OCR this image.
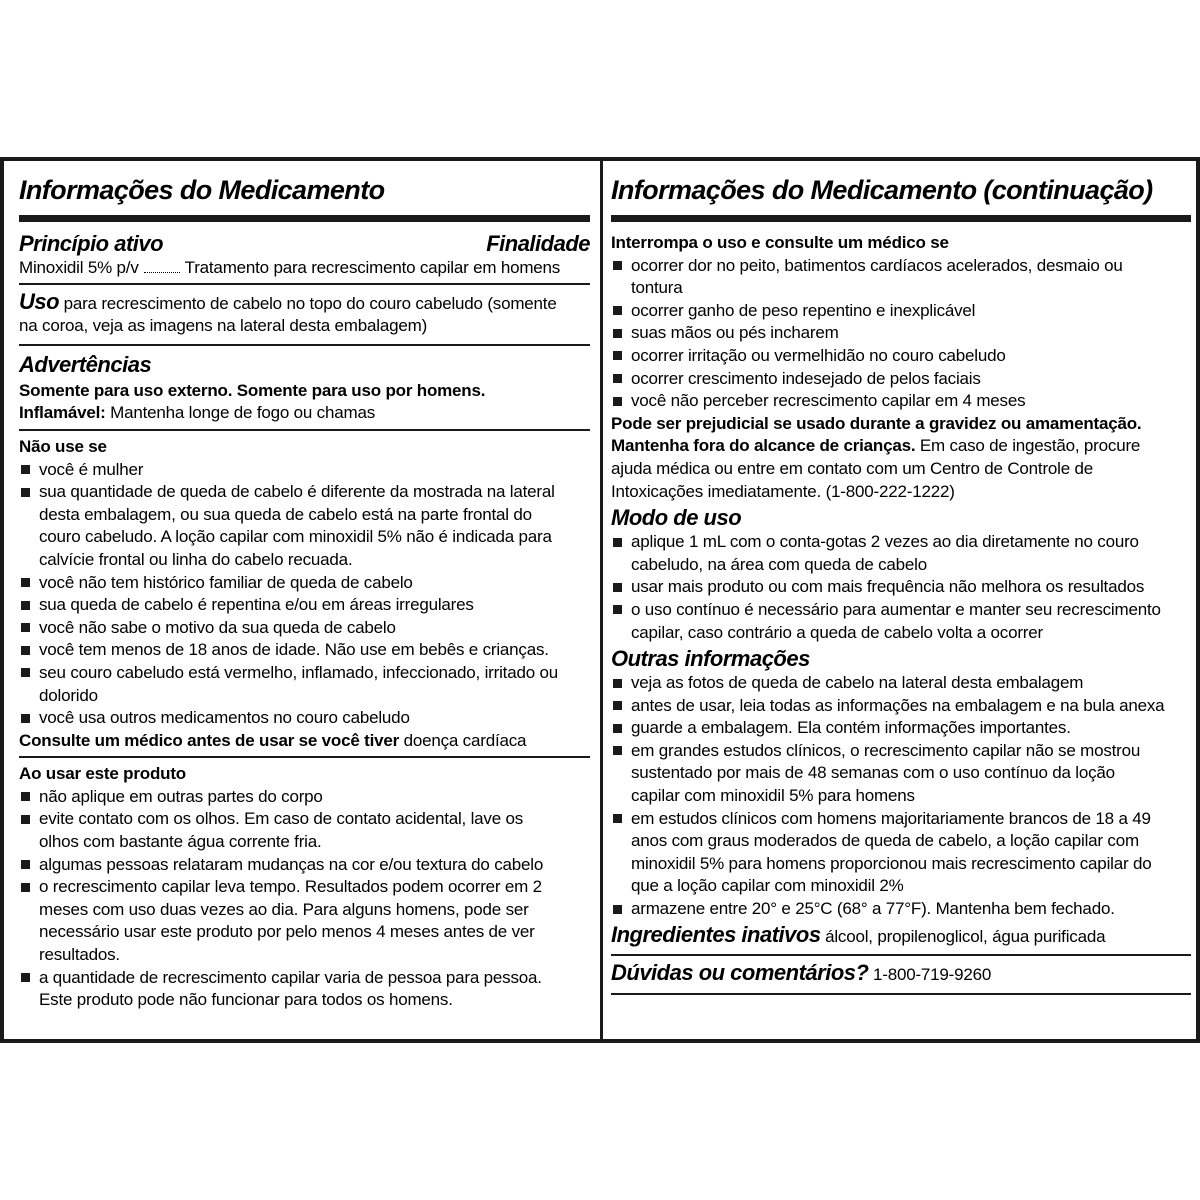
Informações do Medicamento
Princípio ativo	Finalidade
Minoxidil 5% p/v	Tratamento para recrescimento capilar em homens
Uso para recrescimento de cabelo no topo do couro cabeludo (somente
na coroa, veja as imagens na lateral desta embalagem)
Advertências
Somente para uso externo. Somente para uso por homens.
Inflamável: Mantenha longe de fogo ou chamas
Não use se
você é mulher
sua quantidade de queda de cabelo é diferente da mostrada na lateral
desta embalagem, ou sua queda de cabelo está na parte frontal do
couro cabeludo. A loção capilar com minoxidil 5% não é indicada para
calvície frontal ou linha do cabelo recuada.
você não tem histórico familiar de queda de cabelo
sua queda de cabelo é repentina e/ou em áreas irregulares
você não sabe o motivo da sua queda de cabelo
você tem menos de 18 anos de idade. Não use em bebês e crianças.
seu couro cabeludo está vermelho, inflamado, infeccionado, irritado ou
dolorido
você usa outros medicamentos no couro cabeludo
Consulte um médico antes de usar se você tiver doença cardíaca
Ao usar este produto
não aplique em outras partes do corpo
evite contato com os olhos. Em caso de contato acidental, lave os
olhos com bastante água corrente fria.
algumas pessoas relataram mudanças na cor e/ou textura do cabelo
o recrescimento capilar leva tempo. Resultados podem ocorrer em 2
meses com uso duas vezes ao dia. Para alguns homens, pode ser
necessário usar este produto por pelo menos 4 meses antes de ver
resultados.
a quantidade de recrescimento capilar varia de pessoa para pessoa.
Este produto pode não funcionar para todos os homens.
Informações do Medicamento (continuação)
Interrompa o uso e consulte um médico se
ocorrer dor no peito, batimentos cardíacos acelerados, desmaio ou
tontura
ocorrer ganho de peso repentino e inexplicável
suas mãos ou pés incharem
ocorrer irritação ou vermelhidão no couro cabeludo
ocorrer crescimento indesejado de pelos faciais
você não perceber recrescimento capilar em 4 meses
Pode ser prejudicial se usado durante a gravidez ou amamentação.
Mantenha fora do alcance de crianças. Em caso de ingestão, procure
ajuda médica ou entre em contato com um Centro de Controle de
Intoxicações imediatamente. (1-800-222-1222)
Modo de uso
aplique 1 mL com o conta-gotas 2 vezes ao dia diretamente no couro
cabeludo, na área com queda de cabelo
usar mais produto ou com mais frequência não melhora os resultados
o uso contínuo é necessário para aumentar e manter seu recrescimento
capilar, caso contrário a queda de cabelo volta a ocorrer
Outras informações
veja as fotos de queda de cabelo na lateral desta embalagem
antes de usar, leia todas as informações na embalagem e na bula anexa
guarde a embalagem. Ela contém informações importantes.
em grandes estudos clínicos, o recrescimento capilar não se mostrou
sustentado por mais de 48 semanas com o uso contínuo da loção
capilar com minoxidil 5% para homens
em estudos clínicos com homens majoritariamente brancos de 18 a 49
anos com graus moderados de queda de cabelo, a loção capilar com
minoxidil 5% para homens proporcionou mais recrescimento capilar do
que a loção capilar com minoxidil 2%
armazene entre 20° e 25°C (68° a 77°F). Mantenha bem fechado.
Ingredientes inativos álcool, propilenoglicol, água purificada
Dúvidas ou comentários? 1-800-719-9260
